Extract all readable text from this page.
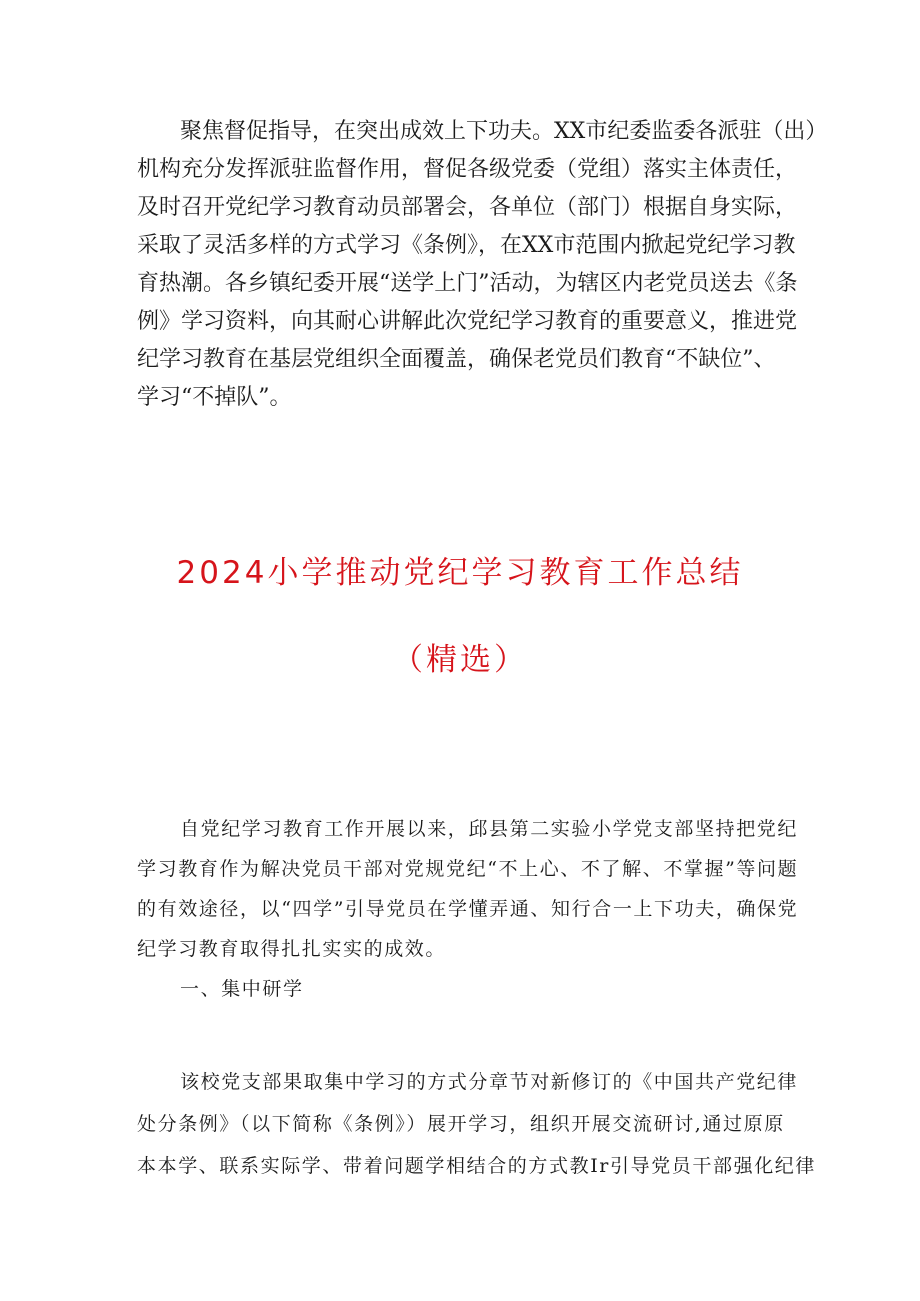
聚焦督促指导，在突出成效上下功夫。XX市纪委监委各派驻（出）
机构充分发挥派驻监督作用，督促各级党委（党组）落实主体责任，
及时召开党纪学习教育动员部署会，各单位（部门）根据自身实际，
采取了灵活多样的方式学习《条例》，在XX市范围内掀起党纪学习教
育热潮。各乡镇纪委开展“送学上门”活动，为辖区内老党员送去《条
例》学习资料，向其耐心讲解此次党纪学习教育的重要意义，推进党
纪学习教育在基层党组织全面覆盖，确保老党员们教育“不缺位”、
学习“不掉队”。
2024小学推动党纪学习教育工作总结
（精选）
自党纪学习教育工作开展以来，邱县第二实验小学党支部坚持把党纪
学习教育作为解决党员干部对党规党纪“不上心、不了解、不掌握”等问题
的有效途径，以“四学”引导党员在学懂弄通、知行合一上下功夫，确保党
纪学习教育取得扎扎实实的成效。
一、集中研学
该校党支部果取集中学习的方式分章节对新修订的《中国共产党纪律
处分条例》（以下简称《条例》）展开学习，组织开展交流研讨,通过原原
本本学、联系实际学、带着问题学相结合的方式教Ir引导党员干部强化纪律
